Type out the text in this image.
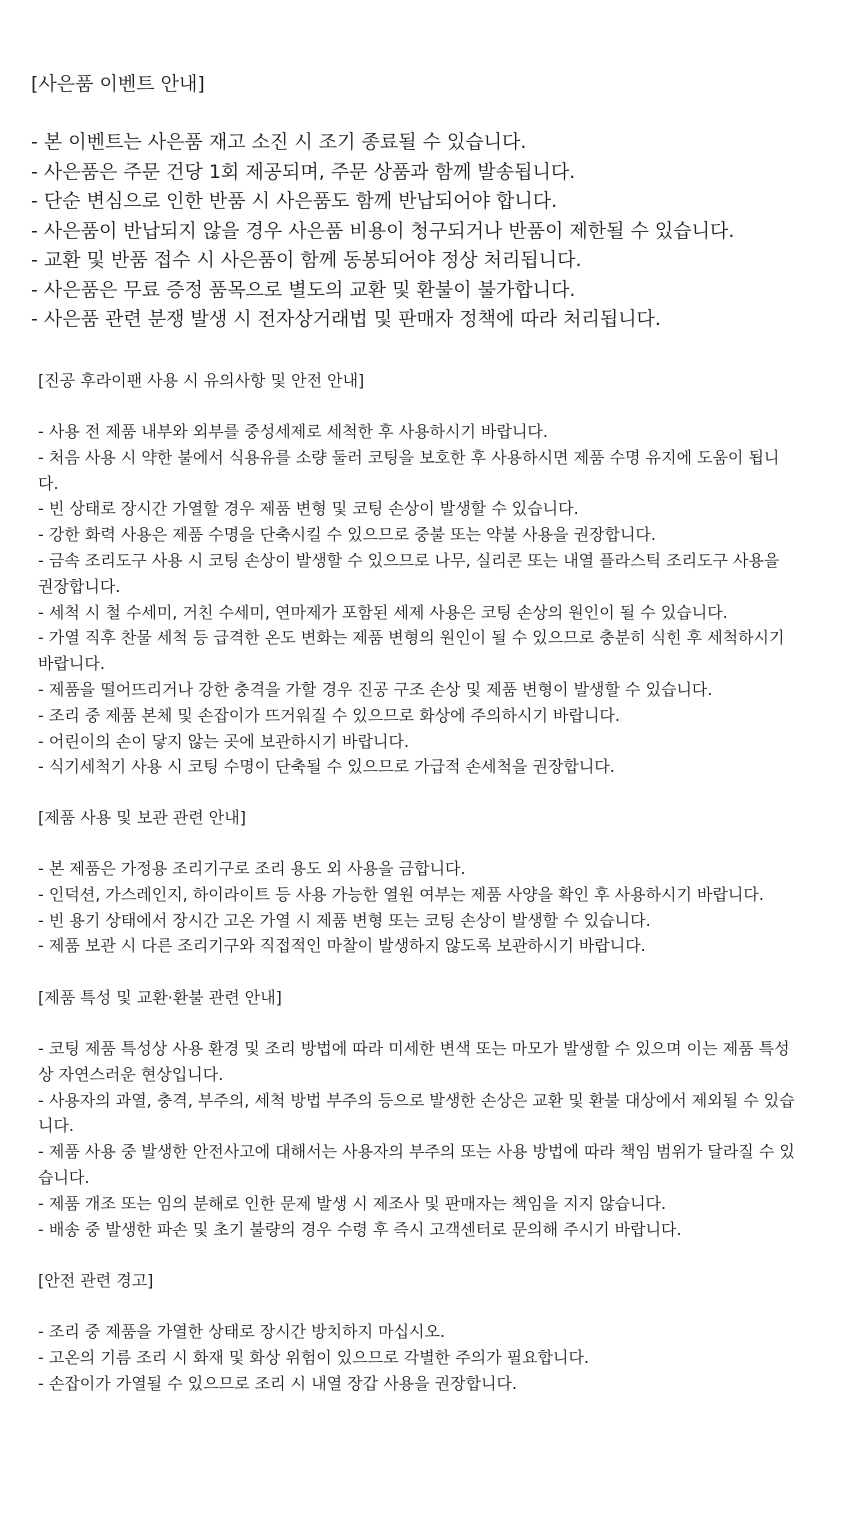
[사은품 이벤트 안내]
- 본 이벤트는 사은품 재고 소진 시 조기 종료될 수 있습니다.
- 사은품은 주문 건당 1회 제공되며, 주문 상품과 함께 발송됩니다.
- 단순 변심으로 인한 반품 시 사은품도 함께 반납되어야 합니다.
- 사은품이 반납되지 않을 경우 사은품 비용이 청구되거나 반품이 제한될 수 있습니다.
- 교환 및 반품 접수 시 사은품이 함께 동봉되어야 정상 처리됩니다.
- 사은품은 무료 증정 품목으로 별도의 교환 및 환불이 불가합니다.
- 사은품 관련 분쟁 발생 시 전자상거래법 및 판매자 정책에 따라 처리됩니다.
[진공 후라이팬 사용 시 유의사항 및 안전 안내]
- 사용 전 제품 내부와 외부를 중성세제로 세척한 후 사용하시기 바랍니다.
- 처음 사용 시 약한 불에서 식용유를 소량 둘러 코팅을 보호한 후 사용하시면 제품 수명 유지에 도움이 됩니
다.
- 빈 상태로 장시간 가열할 경우 제품 변형 및 코팅 손상이 발생할 수 있습니다.
- 강한 화력 사용은 제품 수명을 단축시킬 수 있으므로 중불 또는 약불 사용을 권장합니다.
- 금속 조리도구 사용 시 코팅 손상이 발생할 수 있으므로 나무, 실리콘 또는 내열 플라스틱 조리도구 사용을
권장합니다.
- 세척 시 철 수세미, 거친 수세미, 연마제가 포함된 세제 사용은 코팅 손상의 원인이 될 수 있습니다.
- 가열 직후 찬물 세척 등 급격한 온도 변화는 제품 변형의 원인이 될 수 있으므로 충분히 식힌 후 세척하시기
바랍니다.
- 제품을 떨어뜨리거나 강한 충격을 가할 경우 진공 구조 손상 및 제품 변형이 발생할 수 있습니다.
- 조리 중 제품 본체 및 손잡이가 뜨거워질 수 있으므로 화상에 주의하시기 바랍니다.
- 어린이의 손이 닿지 않는 곳에 보관하시기 바랍니다.
- 식기세척기 사용 시 코팅 수명이 단축될 수 있으므로 가급적 손세척을 권장합니다.
[제품 사용 및 보관 관련 안내]
- 본 제품은 가정용 조리기구로 조리 용도 외 사용을 금합니다.
- 인덕션, 가스레인지, 하이라이트 등 사용 가능한 열원 여부는 제품 사양을 확인 후 사용하시기 바랍니다.
- 빈 용기 상태에서 장시간 고온 가열 시 제품 변형 또는 코팅 손상이 발생할 수 있습니다.
- 제품 보관 시 다른 조리기구와 직접적인 마찰이 발생하지 않도록 보관하시기 바랍니다.
[제품 특성 및 교환·환불 관련 안내]
- 코팅 제품 특성상 사용 환경 및 조리 방법에 따라 미세한 변색 또는 마모가 발생할 수 있으며 이는 제품 특성
상 자연스러운 현상입니다.
- 사용자의 과열, 충격, 부주의, 세척 방법 부주의 등으로 발생한 손상은 교환 및 환불 대상에서 제외될 수 있습
니다.
- 제품 사용 중 발생한 안전사고에 대해서는 사용자의 부주의 또는 사용 방법에 따라 책임 범위가 달라질 수 있
습니다.
- 제품 개조 또는 임의 분해로 인한 문제 발생 시 제조사 및 판매자는 책임을 지지 않습니다.
- 배송 중 발생한 파손 및 초기 불량의 경우 수령 후 즉시 고객센터로 문의해 주시기 바랍니다.
[안전 관련 경고]
- 조리 중 제품을 가열한 상태로 장시간 방치하지 마십시오.
- 고온의 기름 조리 시 화재 및 화상 위험이 있으므로 각별한 주의가 필요합니다.
- 손잡이가 가열될 수 있으므로 조리 시 내열 장갑 사용을 권장합니다.
